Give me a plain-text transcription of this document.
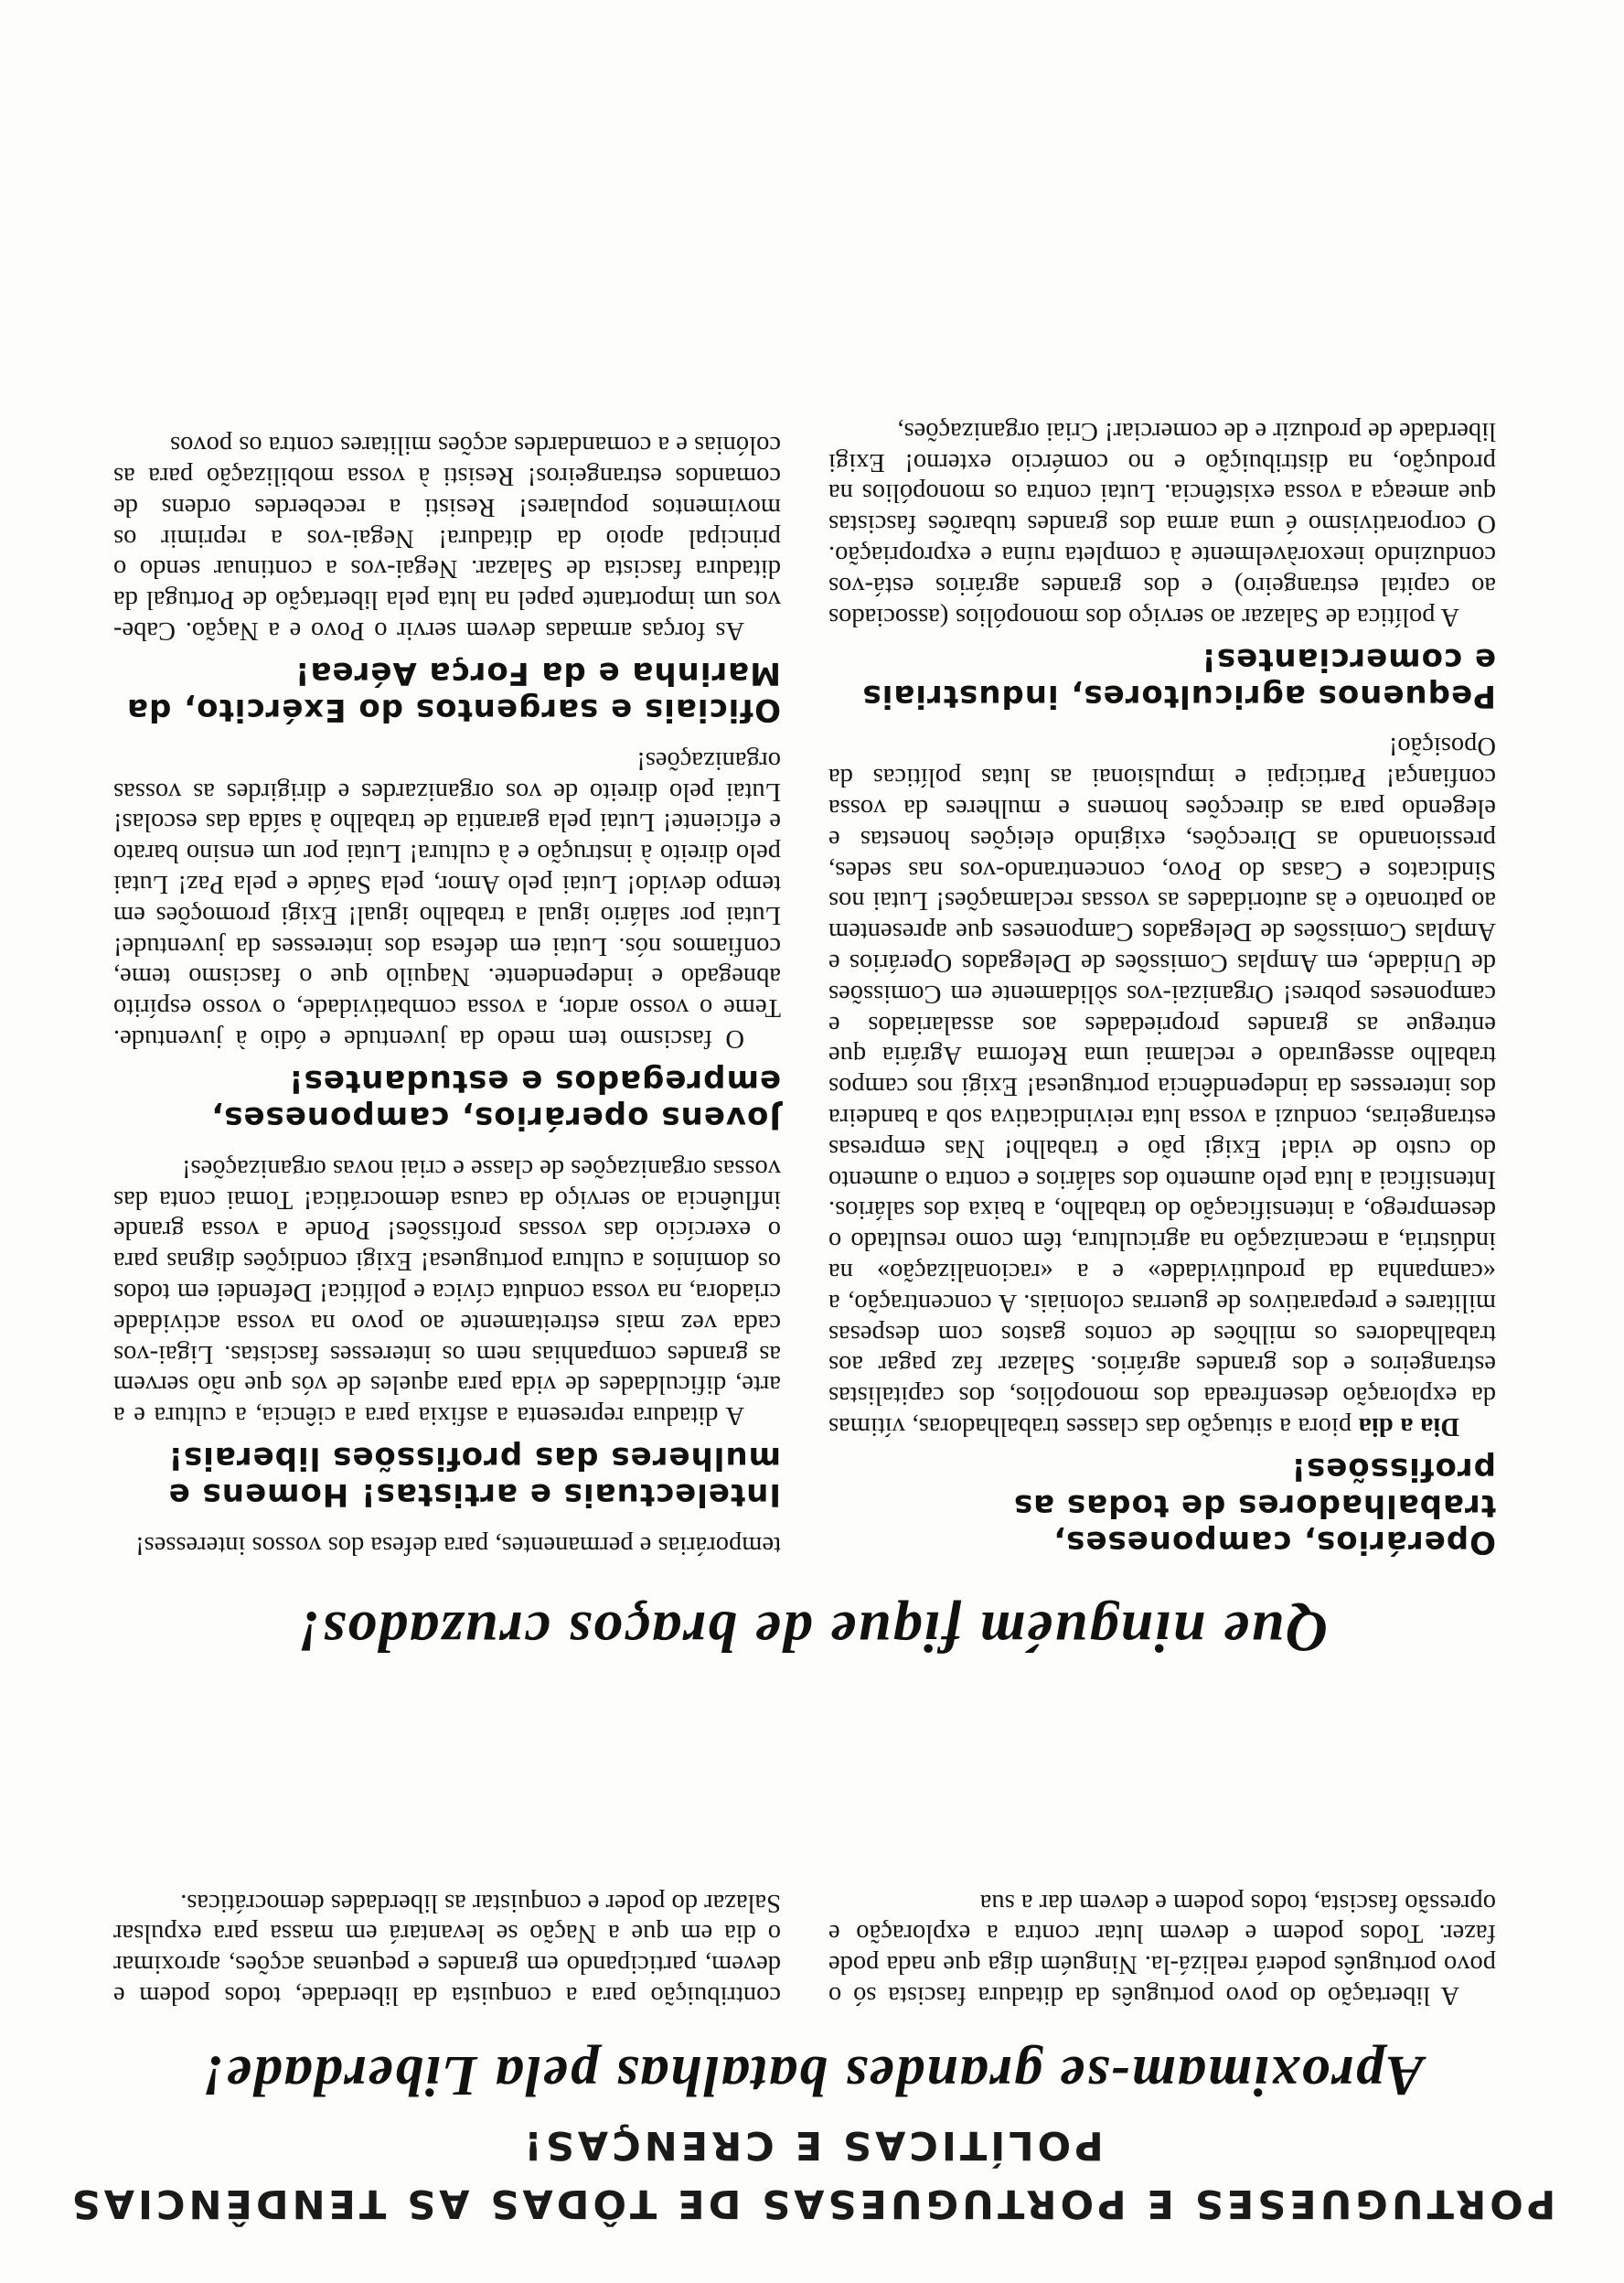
PORTUGUESES E PORTUGUESAS DE TÔDAS AS TENDÊNCIAS
POLÍTICAS E CRENÇAS!
Aproximam-se grandes batalhas pela Liberdade!

A libertação do povo português da ditadura fascista só o povo português poderá realizá-la. Ninguém diga que nada pode fazer. Todos podem e devem lutar contra a exploração e opressão fascista, todos podem e devem dar a sua

contribuição para a conquista da liberdade, todos podem e devem, participando em grandes e pequenas acções, aproximar o dia em que a Nação se levantará em massa para expulsar Salazar do poder e conquistar as liberdades democráticas.

Que ninguém fique de braços cruzados!
Operários, camponeses, trabalhadores de todas as profissões!

Dia a dia piora a situação das classes trabalhadoras, vítimas da exploração desenfreada dos monopólios, dos capitalistas estrangeiros e dos grandes agrários. Salazar faz pagar aos trabalhadores os milhões de contos gastos com despesas militares e preparativos de guerras coloniais. A concentração, a «campanha da produtividade» e a «racionalização» na indústria, a mecanização na agricultura, têm como resultado o desemprego, a intensificação do trabalho, a baixa dos salários. Intensificai a luta pelo aumento dos salários e contra o aumento do custo de vida! Exigi pão e trabalho! Nas empresas estrangeiras, conduzi a vossa luta reivindicativa sob a bandeira dos interesses da independência portuguesa! Exigi nos campos trabalho assegurado e reclamai uma Reforma Agrária que entregue as grandes propriedades aos assalariados e camponeses pobres! Organizai-vos sòlidamente em Comissões de Unidade, em Amplas Comissões de Delegados Operários e Amplas Comissões de Delegados Camponeses que apresentem ao patronato e às autoridades as vossas reclamações! Lutai nos Sindicatos e Casas do Povo, concentrando-vos nas sedes, pressionando as Direcções, exigindo eleições honestas e elegendo para as direcções homens e mulheres da vossa confiança! Participai e impulsionai as lutas políticas da Oposição!

Pequenos agricultores, industriais e comerciantes!

A política de Salazar ao serviço dos monopólios (associados ao capital estrangeiro) e dos grandes agrários está-vos conduzindo inexoràvelmente à completa ruína e expropriação. O corporativismo é uma arma dos grandes tubarões fascistas que ameaça a vossa existência. Lutai contra os monopólios na produção, na distribuição e no comércio externo! Exigi liberdade de produzir e de comerciar! Criai organizações,

temporárias e permanentes, para defesa dos vossos interesses!

Intelectuais e artistas! Homens e mulheres das profissões liberais!

A ditadura representa a asfixia para a ciência, a cultura e a arte, dificuldades de vida para aqueles de vós que não servem as grandes companhias nem os interesses fascistas. Ligai-vos cada vez mais estreitamente ao povo na vossa actividade criadora, na vossa conduta cívica e política! Defendei em todos os domínios a cultura portuguesa! Exigi condições dignas para o exercício das vossas profissões! Ponde a vossa grande influência ao serviço da causa democrática! Tomai conta das vossas organizações de classe e criai novas organizações!

Jovens operários, camponeses, empregados e estudantes!

O fascismo tem medo da juventude e ódio à juventude. Teme o vosso ardor, a vossa combatividade, o vosso espírito abnegado e independente. Naquilo que o fascismo teme, confiamos nós. Lutai em defesa dos interesses da juventude! Lutai por salário igual a trabalho igual! Exigi promoções em tempo devido! Lutai pelo Amor, pela Saúde e pela Paz! Lutai pelo direito à instrução e à cultura! Lutai por um ensino barato e eficiente! Lutai pela garantia de trabalho à saída das escolas! Lutai pelo direito de vos organizardes e dirigirdes as vossas organizações!

Oficiais e sargentos do Exército, da Marinha e da Força Aérea!

As forças armadas devem servir o Povo e a Nação. Cabe-vos um importante papel na luta pela libertação de Portugal da ditadura fascista de Salazar. Negai-vos a continuar sendo o principal apoio da ditadura! Negai-vos a reprimir os movimentos populares! Resisti a receberdes ordens de comandos estrangeiros! Resisti à vossa mobilização para as colónias e a comandardes acções militares contra os povos
